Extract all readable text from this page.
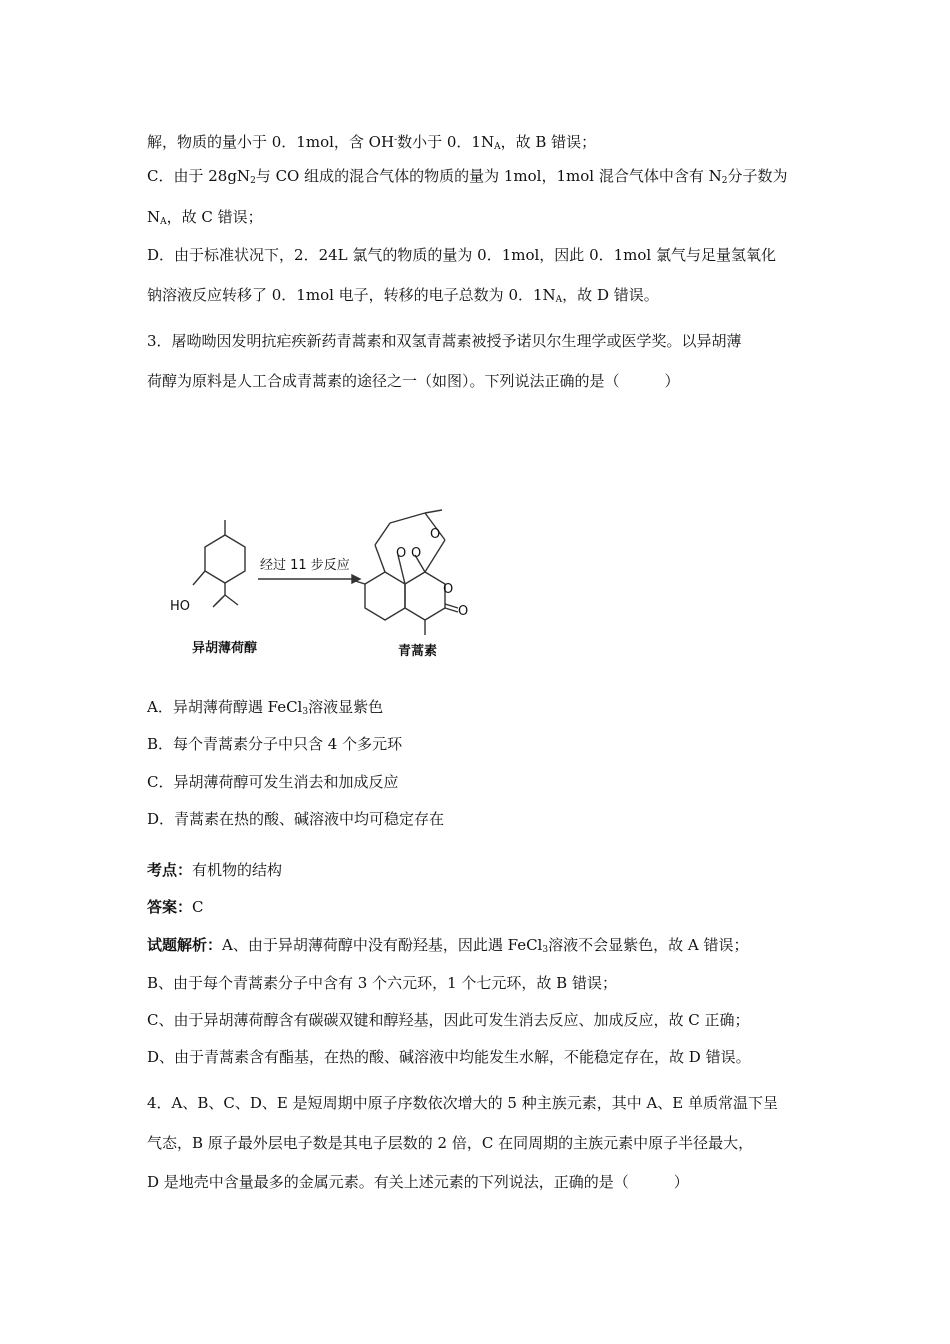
解，物质的量小于 0．1mol，含 OH-数小于 0．$1N_A$，故 B 错误；
C．由于 $28gN_2$与 CO 组成的混合气体的物质的量为 1mol，1mol 混合气体中含有 $N_2$分子数为
$N_A$，故 C 错误；
D．由于标准状况下，2．24L 氯气的物质的量为 0．1mol，因此 0．1mol 氯气与足量氢氧化
钠溶液反应转移了 0．1mol 电子，转移的电子总数为 0．$1N_A$，故 D 错误。
3．屠呦呦因发明抗疟疾新药青蒿素和双氢青蒿素被授予诺贝尔生理学或医学奖。以异胡薄
荷醇为原料是人工合成青蒿素的途径之一（如图）。下列说法正确的是（　　　）
HO
O O
O
O
O
经过 11 步反应
异胡薄荷醇	青蒿素
A．异胡薄荷醇遇 FeCl$_3$溶液显紫色
B．每个青蒿素分子中只含 4 个多元环
C．异胡薄荷醇可发生消去和加成反应
D．青蒿素在热的酸、碱溶液中均可稳定存在
考点：有机物的结构
答案：C
试题解析：A、由于异胡薄荷醇中没有酚羟基，因此遇 FeCl$_3$溶液不会显紫色，故 A 错误；
B、由于每个青蒿素分子中含有 3 个六元环，1 个七元环，故 B 错误；
C、由于异胡薄荷醇含有碳碳双键和醇羟基，因此可发生消去反应、加成反应，故 C 正确；
D、由于青蒿素含有酯基，在热的酸、碱溶液中均能发生水解，不能稳定存在，故 D 错误。
4．A、B、C、D、E 是短周期中原子序数依次增大的 5 种主族元素，其中 A、E 单质常温下呈
气态，B 原子最外层电子数是其电子层数的 2 倍，C 在同周期的主族元素中原子半径最大，
D 是地壳中含量最多的金属元素。有关上述元素的下列说法，正确的是（　　　）
